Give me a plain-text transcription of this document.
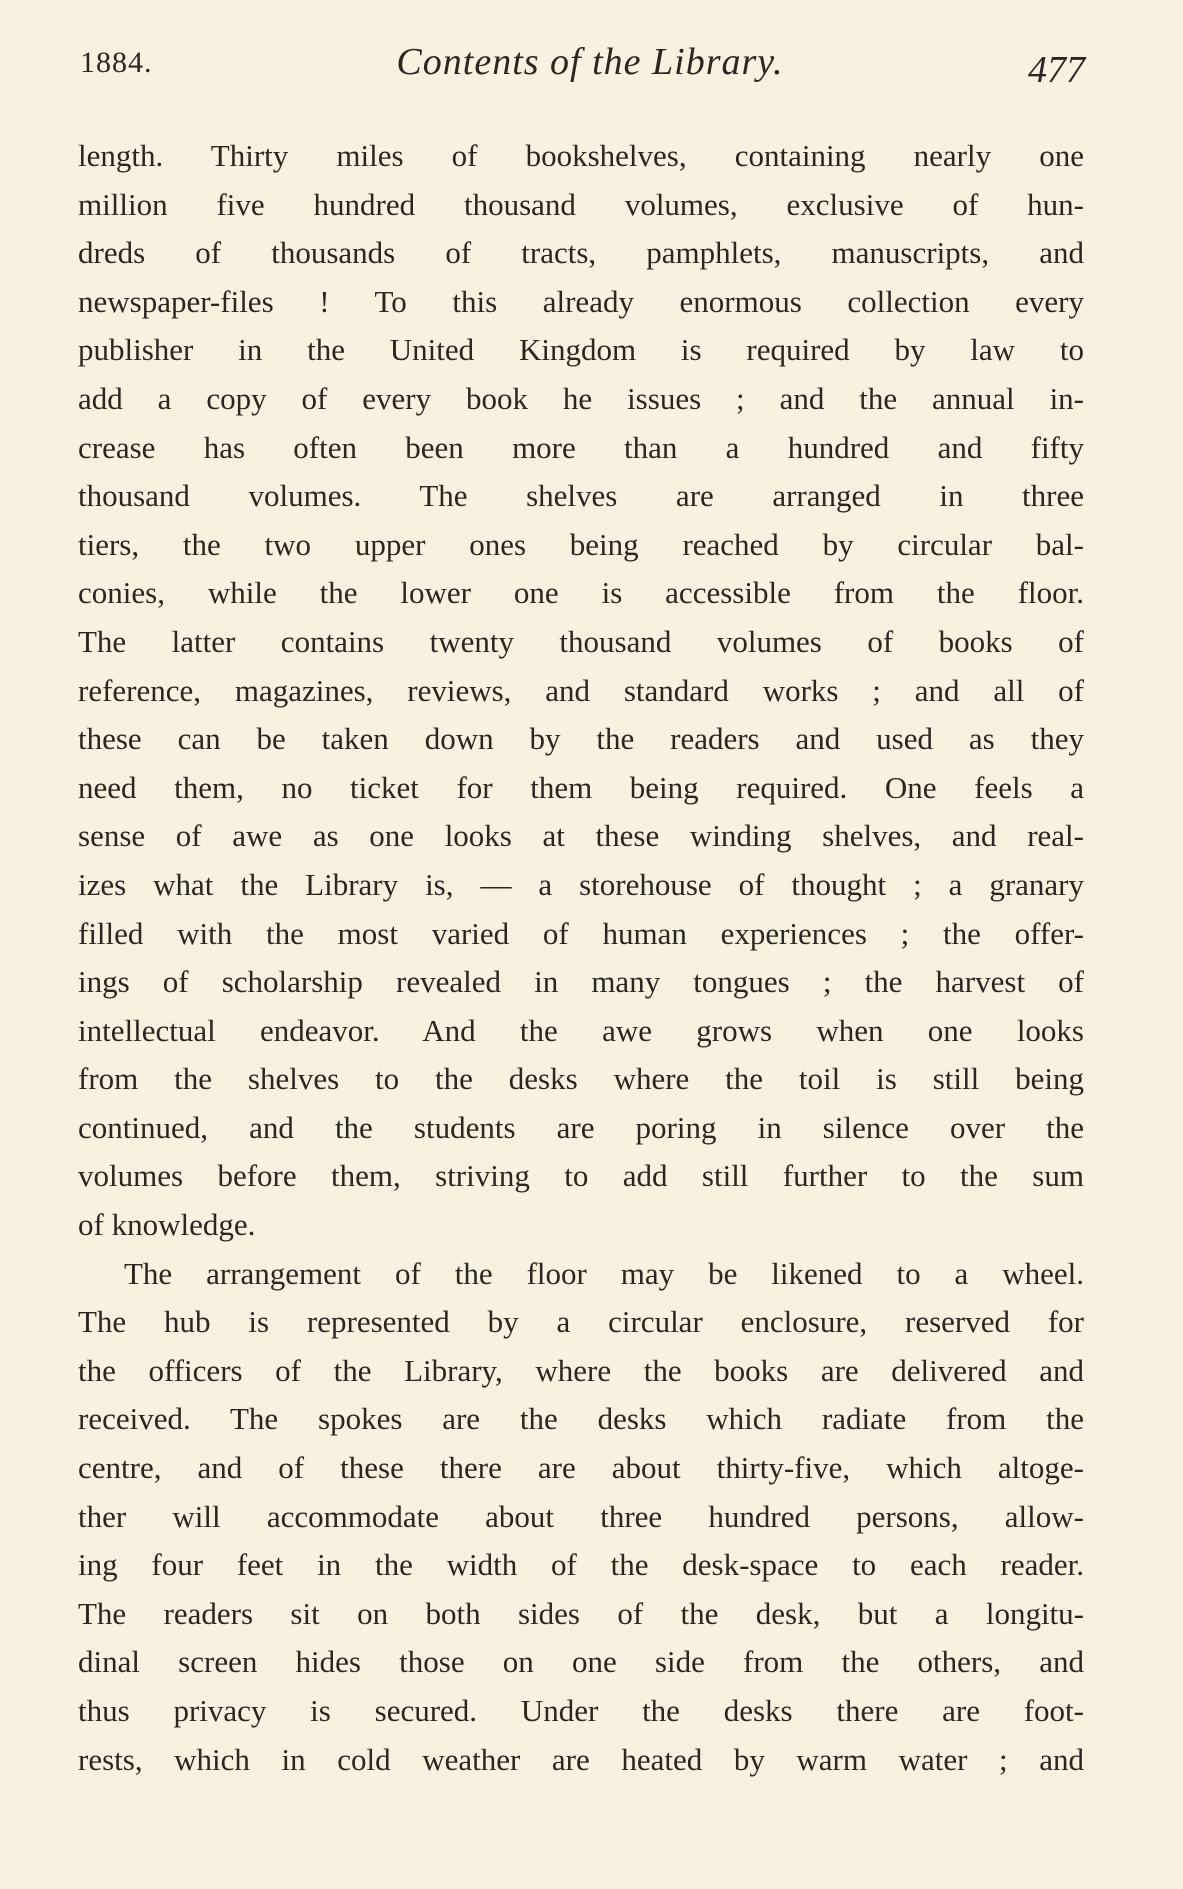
1884.	Contents of the Library.	477
length. Thirty miles of bookshelves, containing nearly one
million five hundred thousand volumes, exclusive of hun-
dreds of thousands of tracts, pamphlets, manuscripts, and
newspaper-files ! To this already enormous collection every
publisher in the United Kingdom is required by law to
add a copy of every book he issues ; and the annual in-
crease has often been more than a hundred and fifty
thousand volumes. The shelves are arranged in three
tiers, the two upper ones being reached by circular bal-
conies, while the lower one is accessible from the floor.
The latter contains twenty thousand volumes of books of
reference, magazines, reviews, and standard works ; and all of
these can be taken down by the readers and used as they
need them, no ticket for them being required. One feels a
sense of awe as one looks at these winding shelves, and real-
izes what the Library is, — a storehouse of thought ; a granary
filled with the most varied of human experiences ; the offer-
ings of scholarship revealed in many tongues ; the harvest of
intellectual endeavor. And the awe grows when one looks
from the shelves to the desks where the toil is still being
continued, and the students are poring in silence over the
volumes before them, striving to add still further to the sum
of knowledge.
The arrangement of the floor may be likened to a wheel.
The hub is represented by a circular enclosure, reserved for
the officers of the Library, where the books are delivered and
received. The spokes are the desks which radiate from the
centre, and of these there are about thirty-five, which altoge-
ther will accommodate about three hundred persons, allow-
ing four feet in the width of the desk-space to each reader.
The readers sit on both sides of the desk, but a longitu-
dinal screen hides those on one side from the others, and
thus privacy is secured. Under the desks there are foot-
rests, which in cold weather are heated by warm water ; and
